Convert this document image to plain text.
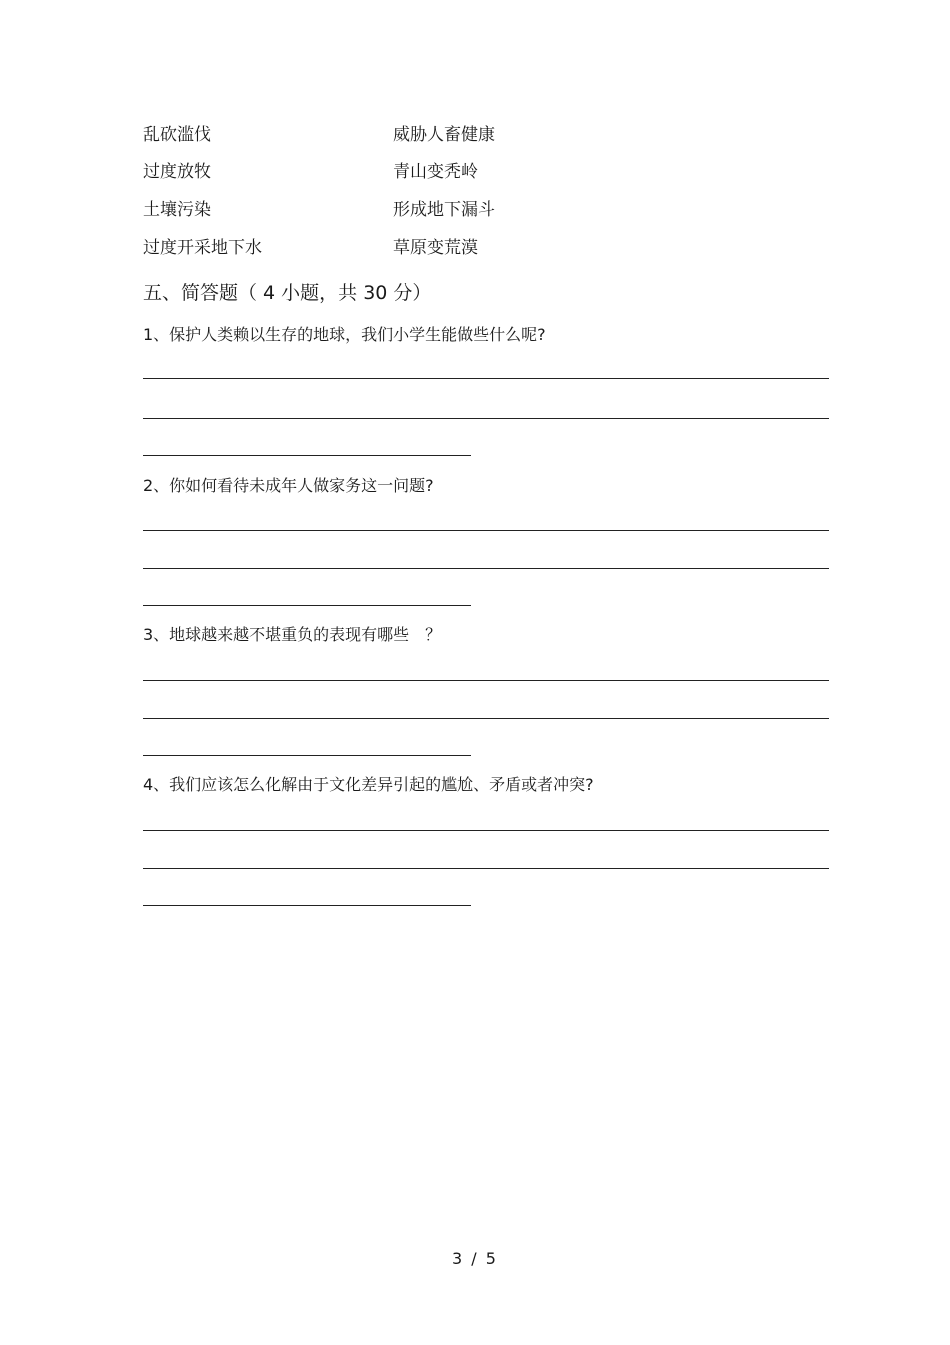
乱砍滥伐	威胁人畜健康
过度放牧	青山变秃岭
土壤污染	形成地下漏斗
过度开采地下水	草原变荒漠
五、简答题（ 4 小题，共 30 分）
1、保护人类赖以生存的地球，我们小学生能做些什么呢?
2、你如何看待未成年人做家务这一问题?
3、地球越来越不堪重负的表现有哪些　？
4、我们应该怎么化解由于文化差异引起的尴尬、矛盾或者冲突?
3 / 5
